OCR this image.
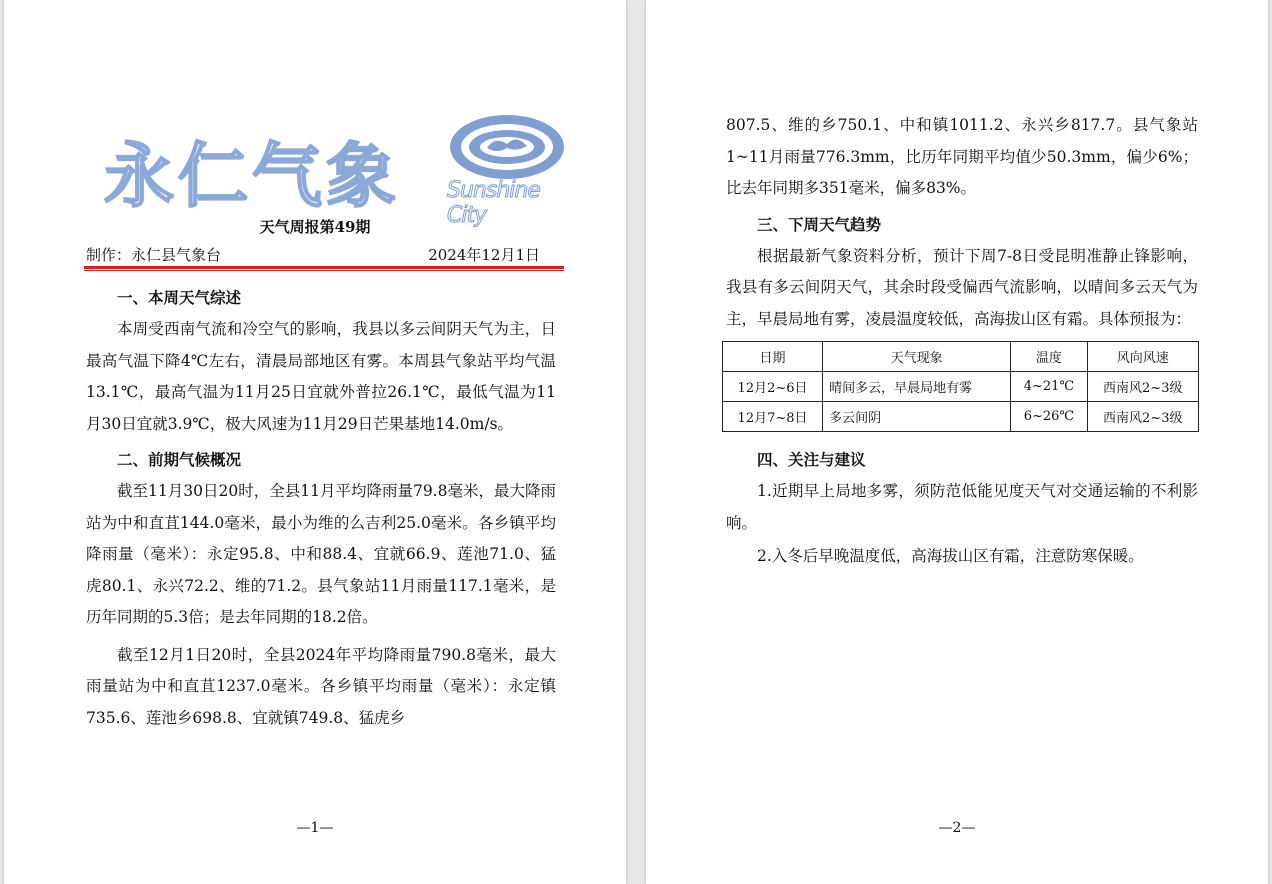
永仁气象 Sunshine City
天气周报第49期
制作：永仁县气象台	2024年12月1日
一、本周天气综述

本周受西南气流和冷空气的影响，我县以多云间阴天气为主，日最高气温下降4℃左右，清晨局部地区有雾。本周县气象站平均气温13.1℃，最高气温为11月25日宜就外普拉26.1℃，最低气温为11月30日宜就3.9℃，极大风速为11月29日芒果基地14.0m/s。

二、前期气候概况

截至11月30日20时，全县11月平均降雨量79.8毫米，最大降雨站为中和直苴144.0毫米，最小为维的么吉利25.0毫米。各乡镇平均降雨量（毫米）：永定95.8、中和88.4、宜就66.9、莲池71.0、猛虎80.1、永兴72.2、维的71.2。县气象站11月雨量117.1毫米，是历年同期的5.3倍；是去年同期的18.2倍。

截至12月1日20时，全县2024年平均降雨量790.8毫米，最大雨量站为中和直苴1237.0毫米。各乡镇平均雨量（毫米）：永定镇735.6、莲池乡698.8、宜就镇749.8、猛虎乡

—1—

807.5、维的乡750.1、中和镇1011.2、永兴乡817.7。县气象站1~11月雨量776.3mm，比历年同期平均值少50.3mm，偏少6%；比去年同期多351毫米，偏多83%。

三、下周天气趋势

根据最新气象资料分析，预计下周7-8日受昆明准静止锋影响，我县有多云间阴天气，其余时段受偏西气流影响，以晴间多云天气为主，早晨局地有雾，凌晨温度较低，高海拔山区有霜。具体预报为：

日期	天气现象	温度	风向风速
12月2~6日	晴间多云，早晨局地有雾	4~21℃	西南风2~3级
12月7~8日	多云间阴	6~26℃	西南风2~3级
四、关注与建议

1.近期早上局地多雾，须防范低能见度天气对交通运输的不利影响。

2.入冬后早晚温度低，高海拔山区有霜，注意防寒保暖。

—2—
